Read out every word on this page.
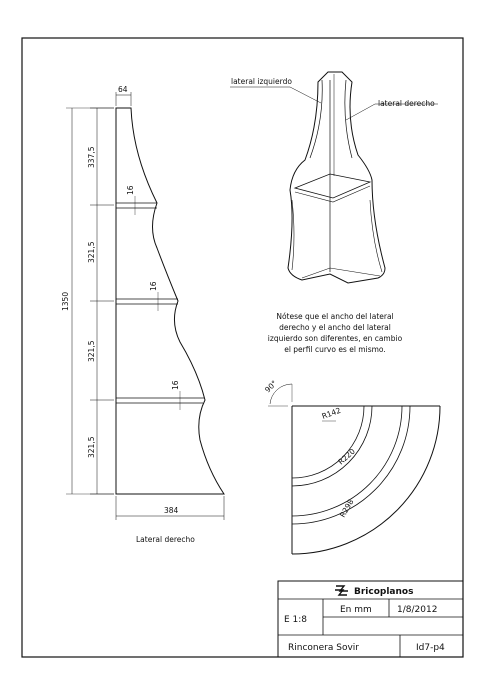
64
337,5
321,5
321,5
321,5
1350
16
16
16
384
Lateral derecho
lateral izquierdo
lateral derecho
Nótese que el ancho del lateral
derecho y el ancho del lateral
izquierdo son diferentes, en cambio
el perfil curvo es el mismo.
R142
R220
R298
90°
Bricoplanos
E 1:8
En mm	1/8/2012
Rinconera Sovir	Id7-p4
